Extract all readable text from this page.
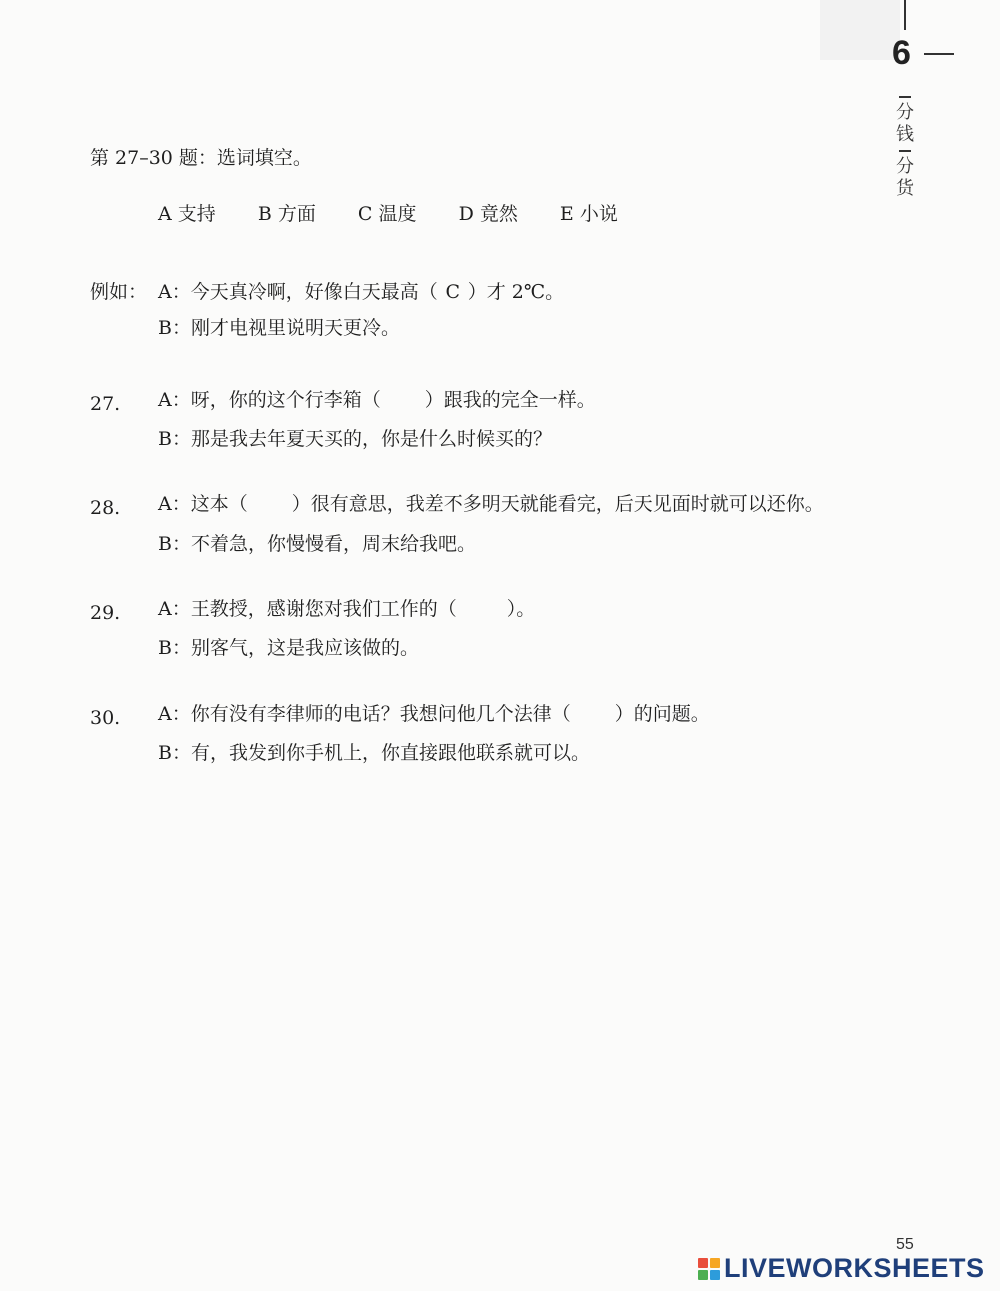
6
分 钱
分 货
第 27–30 题：选词填空。
A 支持 B 方面 C 温度 D 竟然 E 小说
例如： A：今天真冷啊，好像白天最高（ C ）才 2℃。
B：刚才电视里说明天更冷。
27. A：呀，你的这个行李箱（ ）跟我的完全一样。
B：那是我去年夏天买的，你是什么时候买的？
28. A：这本（ ）很有意思，我差不多明天就能看完，后天见面时就可以还你。
B：不着急，你慢慢看，周末给我吧。
29. A：王教授，感谢您对我们工作的（	）。
B：别客气，这是我应该做的。
30. A：你有没有李律师的电话？我想问他几个法律（ ）的问题。
B：有，我发到你手机上，你直接跟他联系就可以。
55
LIVEWORKSHEETS
